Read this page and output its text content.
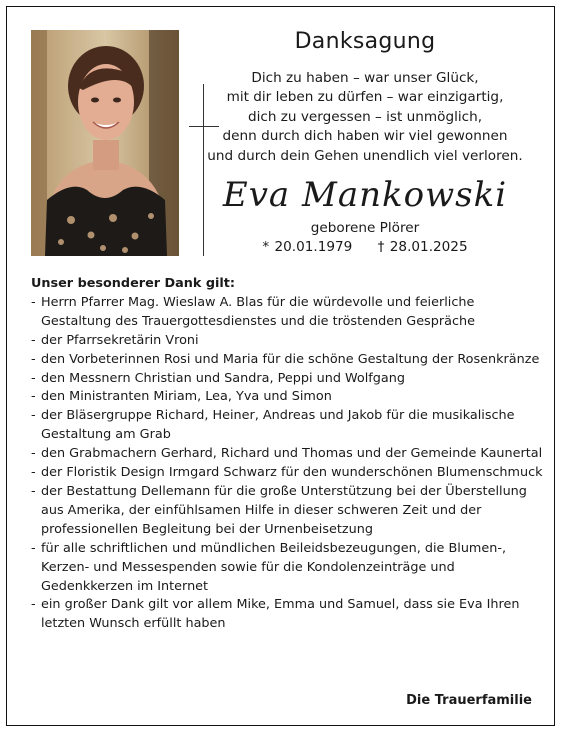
Danksagung
Dich zu haben – war unser Glück,
mit dir leben zu dürfen – war einzigartig,
dich zu vergessen – ist unmöglich,
denn durch dich haben wir viel gewonnen
und durch dein Gehen unendlich viel verloren.
Eva Mankowski
geborene Plörer
* 20.01.1979 † 28.01.2025
Unser besonderer Dank gilt:
- Herrn Pfarrer Mag. Wieslaw A. Blas für die würdevolle und feierliche Gestaltung des Trauergottesdienstes und die tröstenden Gespräche
- der Pfarrsekretärin Vroni
- den Vorbeterinnen Rosi und Maria für die schöne Gestaltung der Rosenkränze
- den Messnern Christian und Sandra, Peppi und Wolfgang
- den Ministranten Miriam, Lea, Yva und Simon
- der Bläsergruppe Richard, Heiner, Andreas und Jakob für die musikalische Gestaltung am Grab
- den Grabmachern Gerhard, Richard und Thomas und der Gemeinde Kaunertal
- der Floristik Design Irmgard Schwarz für den wunderschönen Blumenschmuck
- der Bestattung Dellemann für die große Unterstützung bei der Überstellung aus Amerika, der einfühlsamen Hilfe in dieser schweren Zeit und der professionellen Begleitung bei der Urnenbeisetzung
- für alle schriftlichen und mündlichen Beileidsbezeugungen, die Blumen-, Kerzen- und Messespenden sowie für die Kondolenzeinträge und Gedenkkerzen im Internet
- ein großer Dank gilt vor allem Mike, Emma und Samuel, dass sie Eva Ihren letzten Wunsch erfüllt haben
Die Trauerfamilie
